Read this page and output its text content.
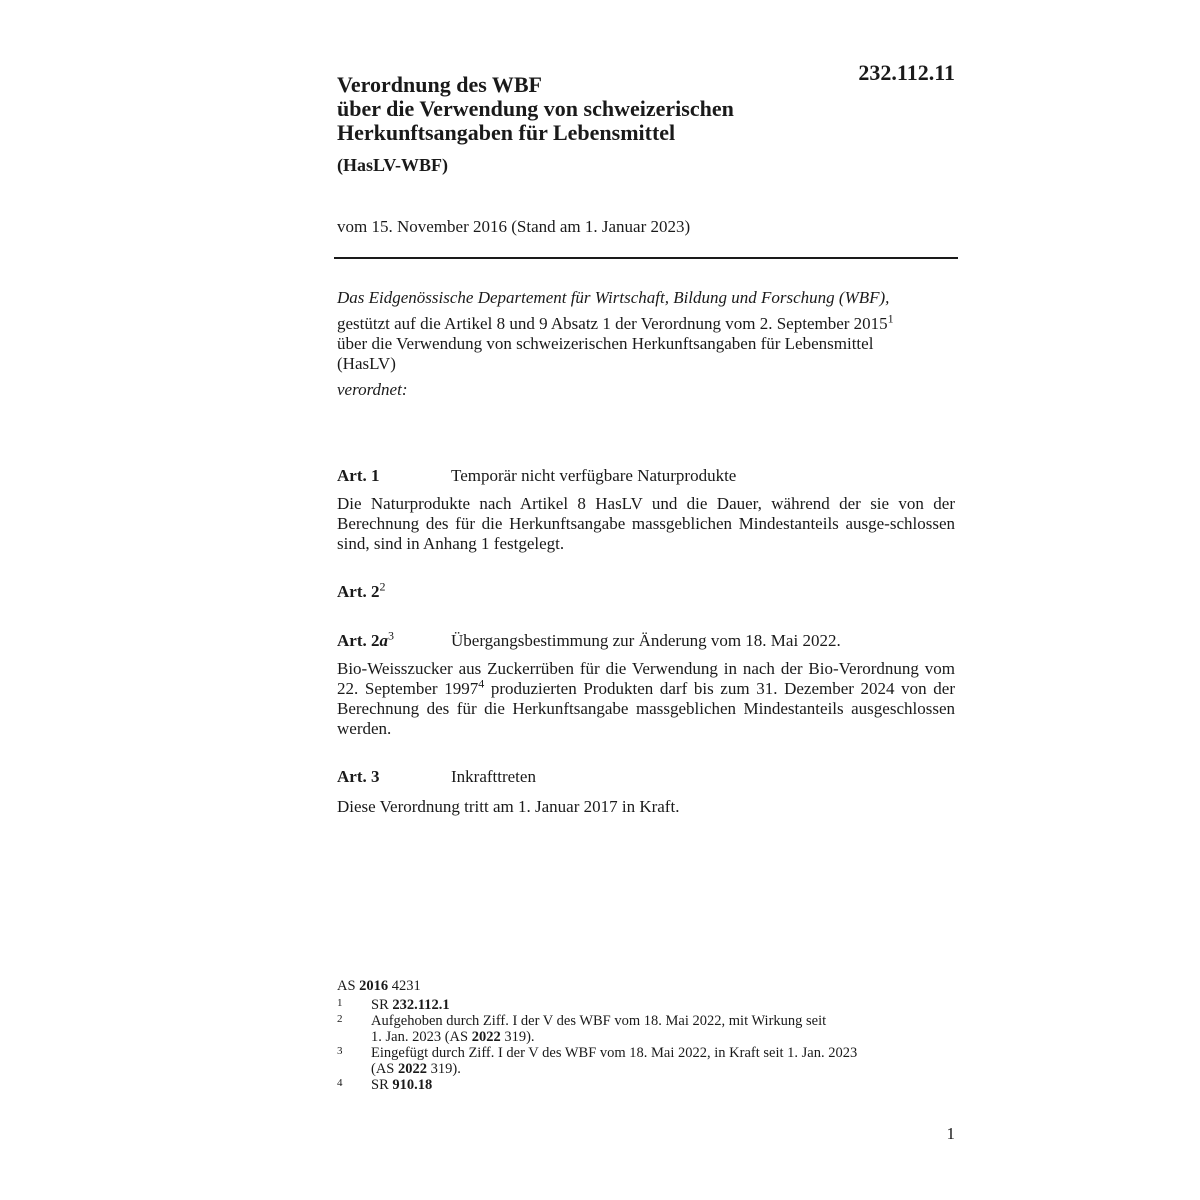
232.112.11
Verordnung des WBF
über die Verwendung von schweizerischen
Herkunftsangaben für Lebensmittel
(HasLV-WBF)
vom 15. November 2016 (Stand am 1. Januar 2023)

Das Eidgenössische Departement für Wirtschaft, Bildung und Forschung (WBF),

gestützt auf die Artikel 8 und 9 Absatz 1 der Verordnung vom 2. September 2015$^1$
über die Verwendung von schweizerischen Herkunftsangaben für Lebensmittel
(HasLV)

verordnet:

Art. 1	Temporär nicht verfügbare Naturprodukte

Die Naturprodukte nach Artikel 8 HasLV und die Dauer, während der sie von der Berechnung des für die Herkunftsangabe massgeblichen Mindestanteils ausge-schlossen sind, sind in Anhang 1 festgelegt.

Art. $2^2$
Art. $2a^3$	Übergangsbestimmung zur Änderung vom 18. Mai 2022.

Bio-Weisszucker aus Zuckerrüben für die Verwendung in nach der Bio-Verordnung vom 22. September 1997$^4$ produzierten Produkten darf bis zum 31. Dezember 2024 von der Berechnung des für die Herkunftsangabe massgeblichen Mindestanteils ausgeschlossen werden.

Art. 3	Inkrafttreten

Diese Verordnung tritt am 1. Januar 2017 in Kraft.

AS 2016 4231
1 SR 232.112.1
2 Aufgehoben durch Ziff. I der V des WBF vom 18. Mai 2022, mit Wirkung seit
1. Jan. 2023 (AS 2022 319).
3 Eingefügt durch Ziff. I der V des WBF vom 18. Mai 2022, in Kraft seit 1. Jan. 2023
(AS 2022 319).
4 SR 910.18
1
